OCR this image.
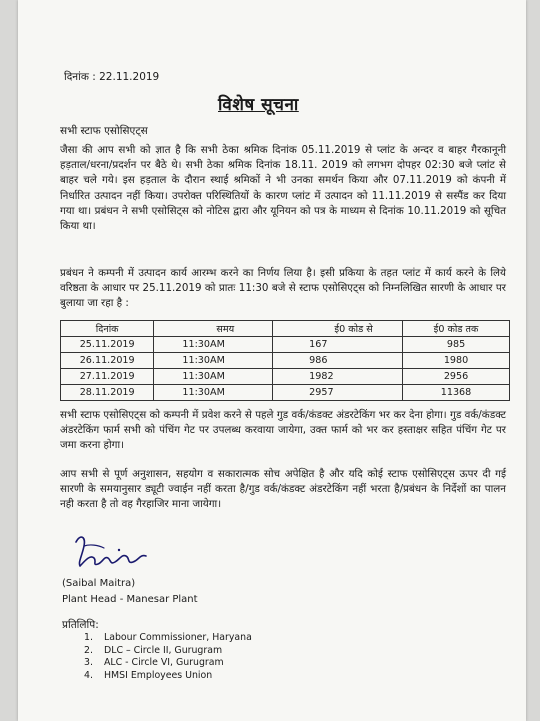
दिनांक : 22.11.2019
विशेष सूचना
सभी स्टाफ एसोसिएट्स
जैसा की आप सभी को ज्ञात है कि सभी ठेका श्रमिक दिनांक 05.11.2019 से प्लांट के अन्दर व बाहर गैरकानूनी हड़ताल/धरना/प्रदर्शन पर बैठे थे। सभी ठेका श्रमिक दिनांक 18.11. 2019 को लगभग दोपहर 02:30 बजे प्लांट से बाहर चले गये। इस हड़ताल के दौरान स्थाई श्रमिकों ने भी उनका समर्थन किया और 07.11.2019 को कंपनी में निर्धारित उत्पादन नहीं किया। उपरोक्त परिस्थितियों के कारण प्लांट में उत्पादन को 11.11.2019 से सस्पैंड कर दिया गया था। प्रबंधन ने सभी एसोसिट्स को नोटिस द्वारा और यूनियन को पत्र के माध्यम से दिनांक 10.11.2019 को सूचित किया था।
प्रबंधन ने कम्पनी में उत्पादन कार्य आरम्भ करने का निर्णय लिया है। इसी प्रकिया के तहत प्लांट में कार्य करने के लिये वरिष्ठता के आधार पर 25.11.2019 को प्रातः 11:30 बजे से स्टाफ एसोसिएट्स को निम्नलिखित सारणी के आधार पर बुलाया जा रहा है :
दिनांक	समय	ई0 कोड से	ई0 कोड तक
25.11.2019	11:30AM	167	985
26.11.2019	11:30AM	986	1980
27.11.2019	11:30AM	1982	2956
28.11.2019	11:30AM	2957	11368
सभी स्टाफ एसोसिएट्स को कम्पनी में प्रवेश करने से पहले गुड वर्क/कंडक्ट अंडरटेकिंग भर कर देना होगा। गुड वर्क/कंडक्ट अंडरटेकिंग फार्म सभी को पंचिंग गेट पर उपलब्ध करवाया जायेगा, उक्त फार्म को भर कर हस्ताक्षर सहित पंचिंग गेट पर जमा करना होगा।
आप सभी से पूर्ण अनुशासन, सहयोग व सकारात्मक सोच अपेक्षित है और यदि कोई स्टाफ एसोसिएट्स ऊपर दी गई सारणी के समयानुसार ड्यूटी ज्वाईन नहीं करता है/गुड वर्क/कंडक्ट अंडरटेकिंग नहीं भरता है/प्रबंधन के निर्देशों का पालन नही करता है तो वह गैरहाजिर माना जायेगा।
(Saibal Maitra)
Plant Head - Manesar Plant
प्रतिलिपि:
1. Labour Commissioner, Haryana
2. DLC – Circle II, Gurugram
3. ALC - Circle VI, Gurugram
4. HMSI Employees Union
